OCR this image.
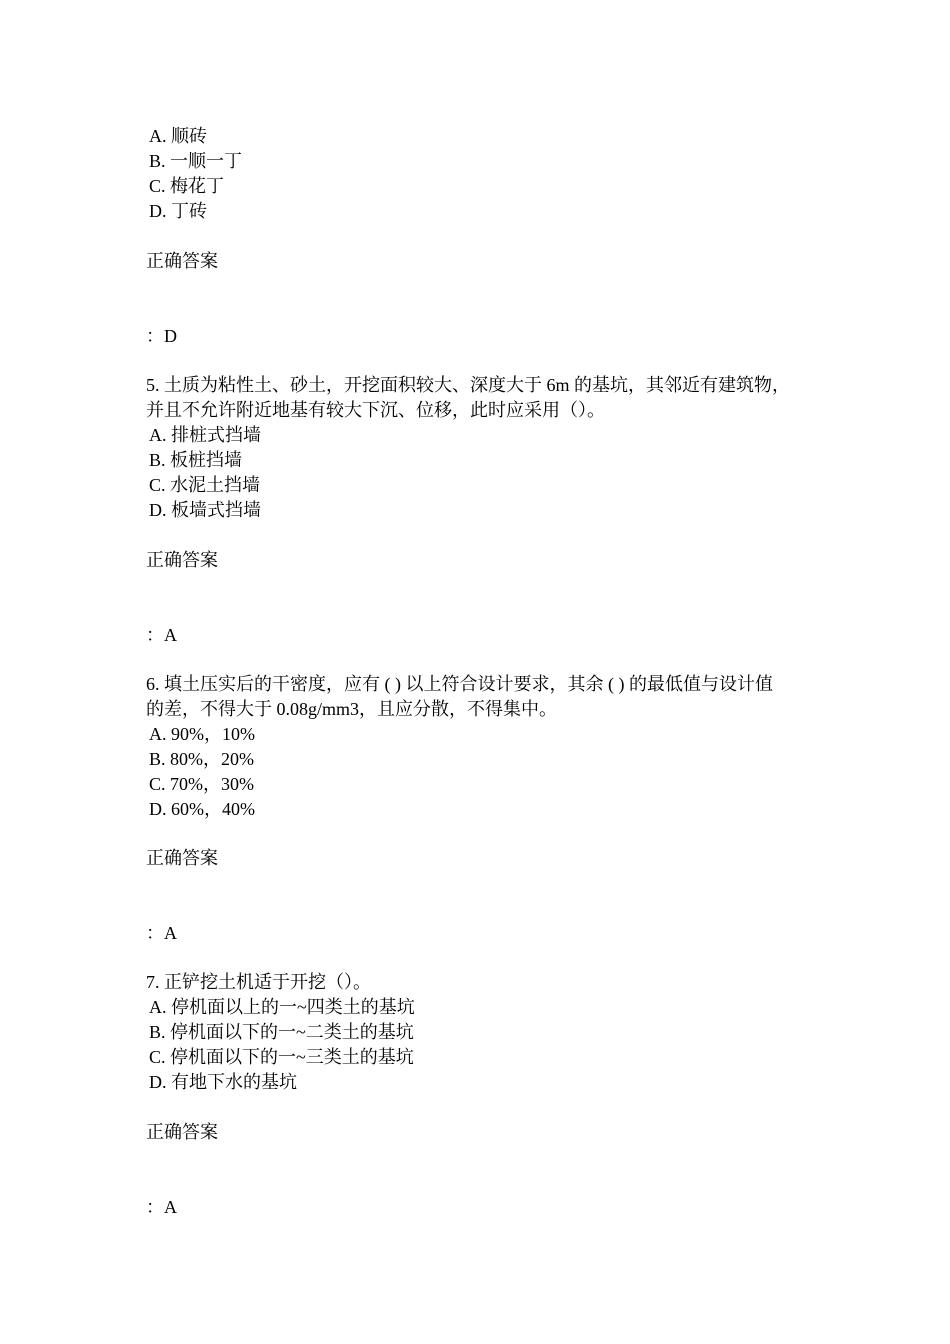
A. 顺砖
B. 一顺一丁
C. 梅花丁
D. 丁砖
正确答案
：D
5. 土质为粘性土、砂土，开挖面积较大、深度大于 6m 的基坑，其邻近有建筑物，
并且不允许附近地基有较大下沉、位移，此时应采用（）。
A. 排桩式挡墙
B. 板桩挡墙
C. 水泥土挡墙
D. 板墙式挡墙
正确答案
：A
6. 填土压实后的干密度，应有 ( ) 以上符合设计要求，其余 ( ) 的最低值与设计值
的差，不得大于 0.08g/mm3，且应分散，不得集中。
A. 90%，10%
B. 80%，20%
C. 70%，30%
D. 60%，40%
正确答案
：A
7. 正铲挖土机适于开挖（）。
A. 停机面以上的一~四类土的基坑
B. 停机面以下的一~二类土的基坑
C. 停机面以下的一~三类土的基坑
D. 有地下水的基坑
正确答案
：A
